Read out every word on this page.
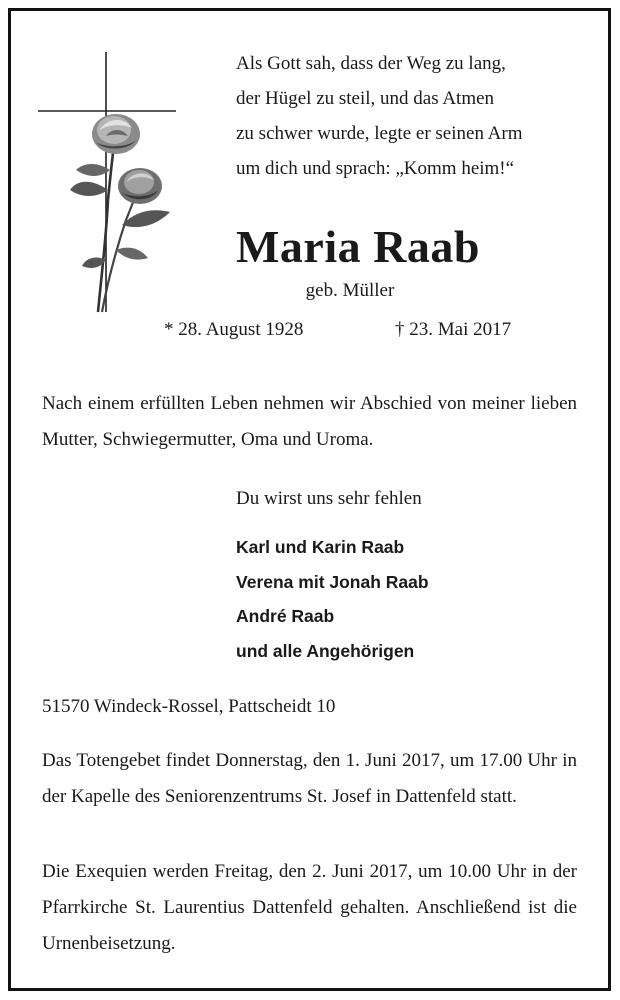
Als Gott sah, dass der Weg zu lang,
der Hügel zu steil, und das Atmen
zu schwer wurde, legte er seinen Arm
um dich und sprach: „Komm heim!“
Maria Raab
geb. Müller
* 28. August 1928	† 23. Mai 2017
Nach einem erfüllten Leben nehmen wir Abschied von meiner lieben Mutter, Schwiegermutter, Oma und Uroma.
Du wirst uns sehr fehlen
Karl und Karin Raab
Verena mit Jonah Raab
André Raab
und alle Angehörigen
51570 Windeck-Rossel, Pattscheidt 10
Das Totengebet findet Donnerstag, den 1. Juni 2017, um 17.00 Uhr in der Kapelle des Seniorenzentrums St. Josef in Dattenfeld statt.
Die Exequien werden Freitag, den 2. Juni 2017, um 10.00 Uhr in der Pfarrkirche St. Laurentius Dattenfeld gehalten. Anschließend ist die Urnenbeisetzung.
